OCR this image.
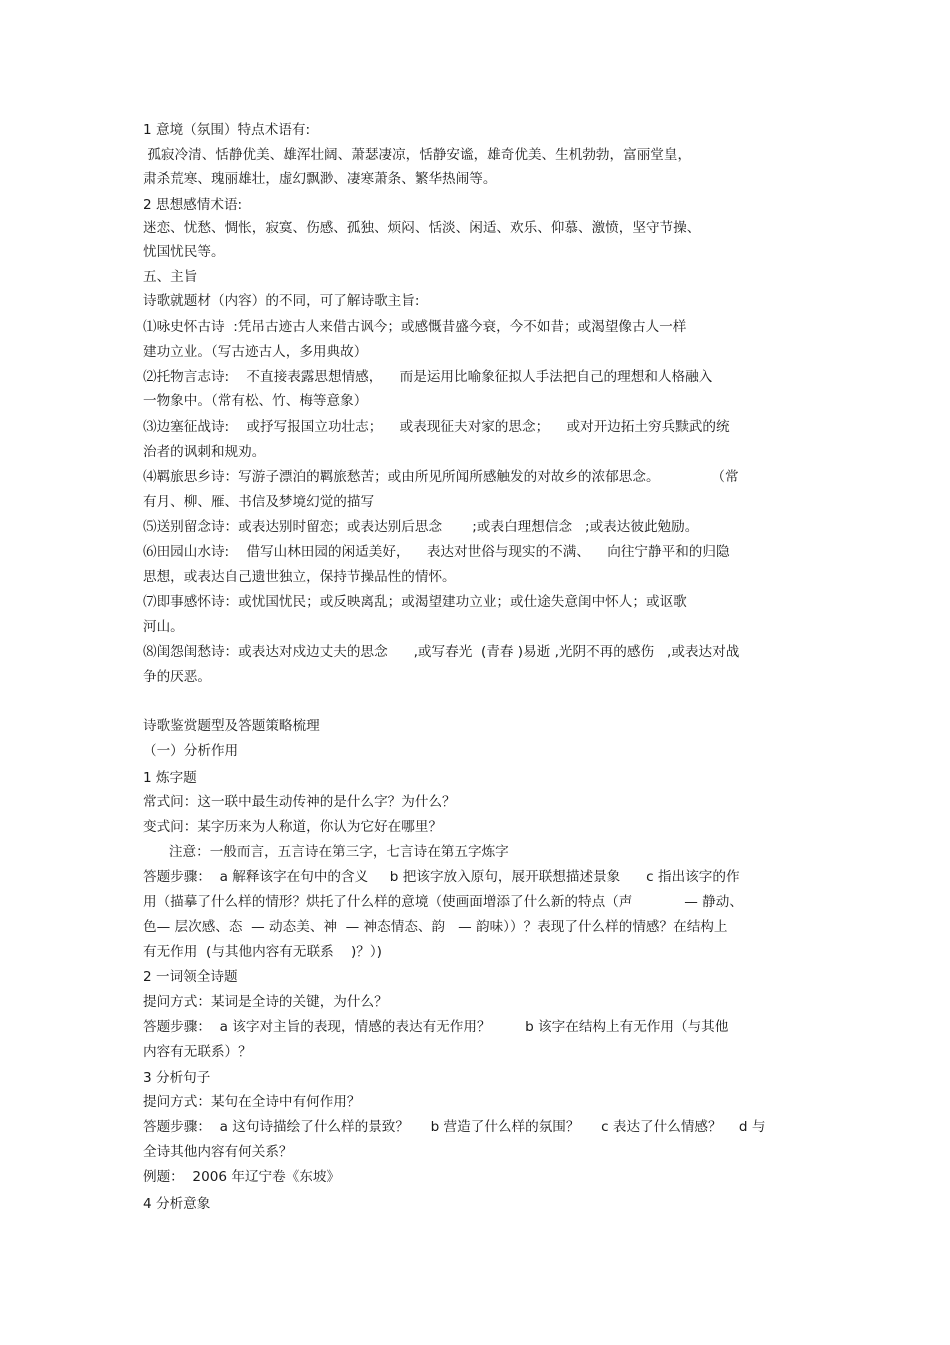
1 意境（氛围）特点术语有:

孤寂冷清、恬静优美、雄浑壮阔、萧瑟凄凉，恬静安谧，雄奇优美、生机勃勃，富丽堂皇，

肃杀荒寒、瑰丽雄壮，虚幻飘渺、凄寒萧条、繁华热闹等。

2 思想感情术语:

迷恋、忧愁、惆怅，寂寞、伤感、孤独、烦闷、恬淡、闲适、欢乐、仰慕、激愤，坚守节操、

忧国忧民等。

五、主旨

诗歌就题材（内容）的不同，可了解诗歌主旨:

⑴咏史怀古诗  :凭吊古迹古人来借古讽今；或感慨昔盛今衰，今不如昔；或渴望像古人一样

建功立业。（写古迹古人，多用典故）

⑵托物言志诗:    不直接表露思想情感，    而是运用比喻象征拟人手法把自己的理想和人格融入

一物象中。（常有松、竹、梅等意象）

⑶边塞征战诗:    或抒写报国立功壮志；    或表现征夫对家的思念；    或对开边拓土穷兵黩武的统

治者的讽刺和规劝。

⑷羁旅思乡诗：写游子漂泊的羁旅愁苦；或由所见所闻所感触发的对故乡的浓郁思念。            （常

有月、柳、雁、书信及梦境幻觉的描写

⑸送别留念诗：或表达别时留恋；或表达别后思念       ;或表白理想信念   ;或表达彼此勉励。

⑹田园山水诗:    借写山林田园的闲适美好，    表达对世俗与现实的不满、    向往宁静平和的归隐

思想，或表达自己遗世独立，保持节操品性的情怀。

⑺即事感怀诗：或忧国忧民；或反映离乱；或渴望建功立业；或仕途失意闺中怀人；或讴歌

河山。

⑻闺怨闺愁诗：或表达对戍边丈夫的思念      ,或写春光  (青春 )易逝 ,光阴不再的感伤   ,或表达对战

争的厌恶。

诗歌鉴赏题型及答题策略梳理

（一）分析作用

1 炼字题

常式问：这一联中最生动传神的是什么字？为什么？

变式问：某字历来为人称道，你认为它好在哪里？

注意：一般而言，五言诗在第三字，七言诗在第五字炼字

答题步骤：  a 解释该字在句中的含义     b 把该字放入原句，展开联想描述景象      c 指出该字的作

用（描摹了什么样的情形？烘托了什么样的意境（使画面增添了什么新的特点（声            — 静动、

色— 层次感、态  — 动态美、神  — 神态情态、韵   — 韵味））？表现了什么样的情感？在结构上

有无作用  (与其他内容有无联系    )？）)

2 一词领全诗题

提问方式：某词是全诗的关键，为什么？

答题步骤：  a 该字对主旨的表现，情感的表达有无作用？        b 该字在结构上有无作用（与其他

内容有无联系）？

3 分析句子

提问方式：某句在全诗中有何作用？

答题步骤：  a 这句诗描绘了什么样的景致？     b 营造了什么样的氛围？     c 表达了什么情感？    d 与

全诗其他内容有何关系？

例题：  2006 年辽宁卷《东坡》

4 分析意象
